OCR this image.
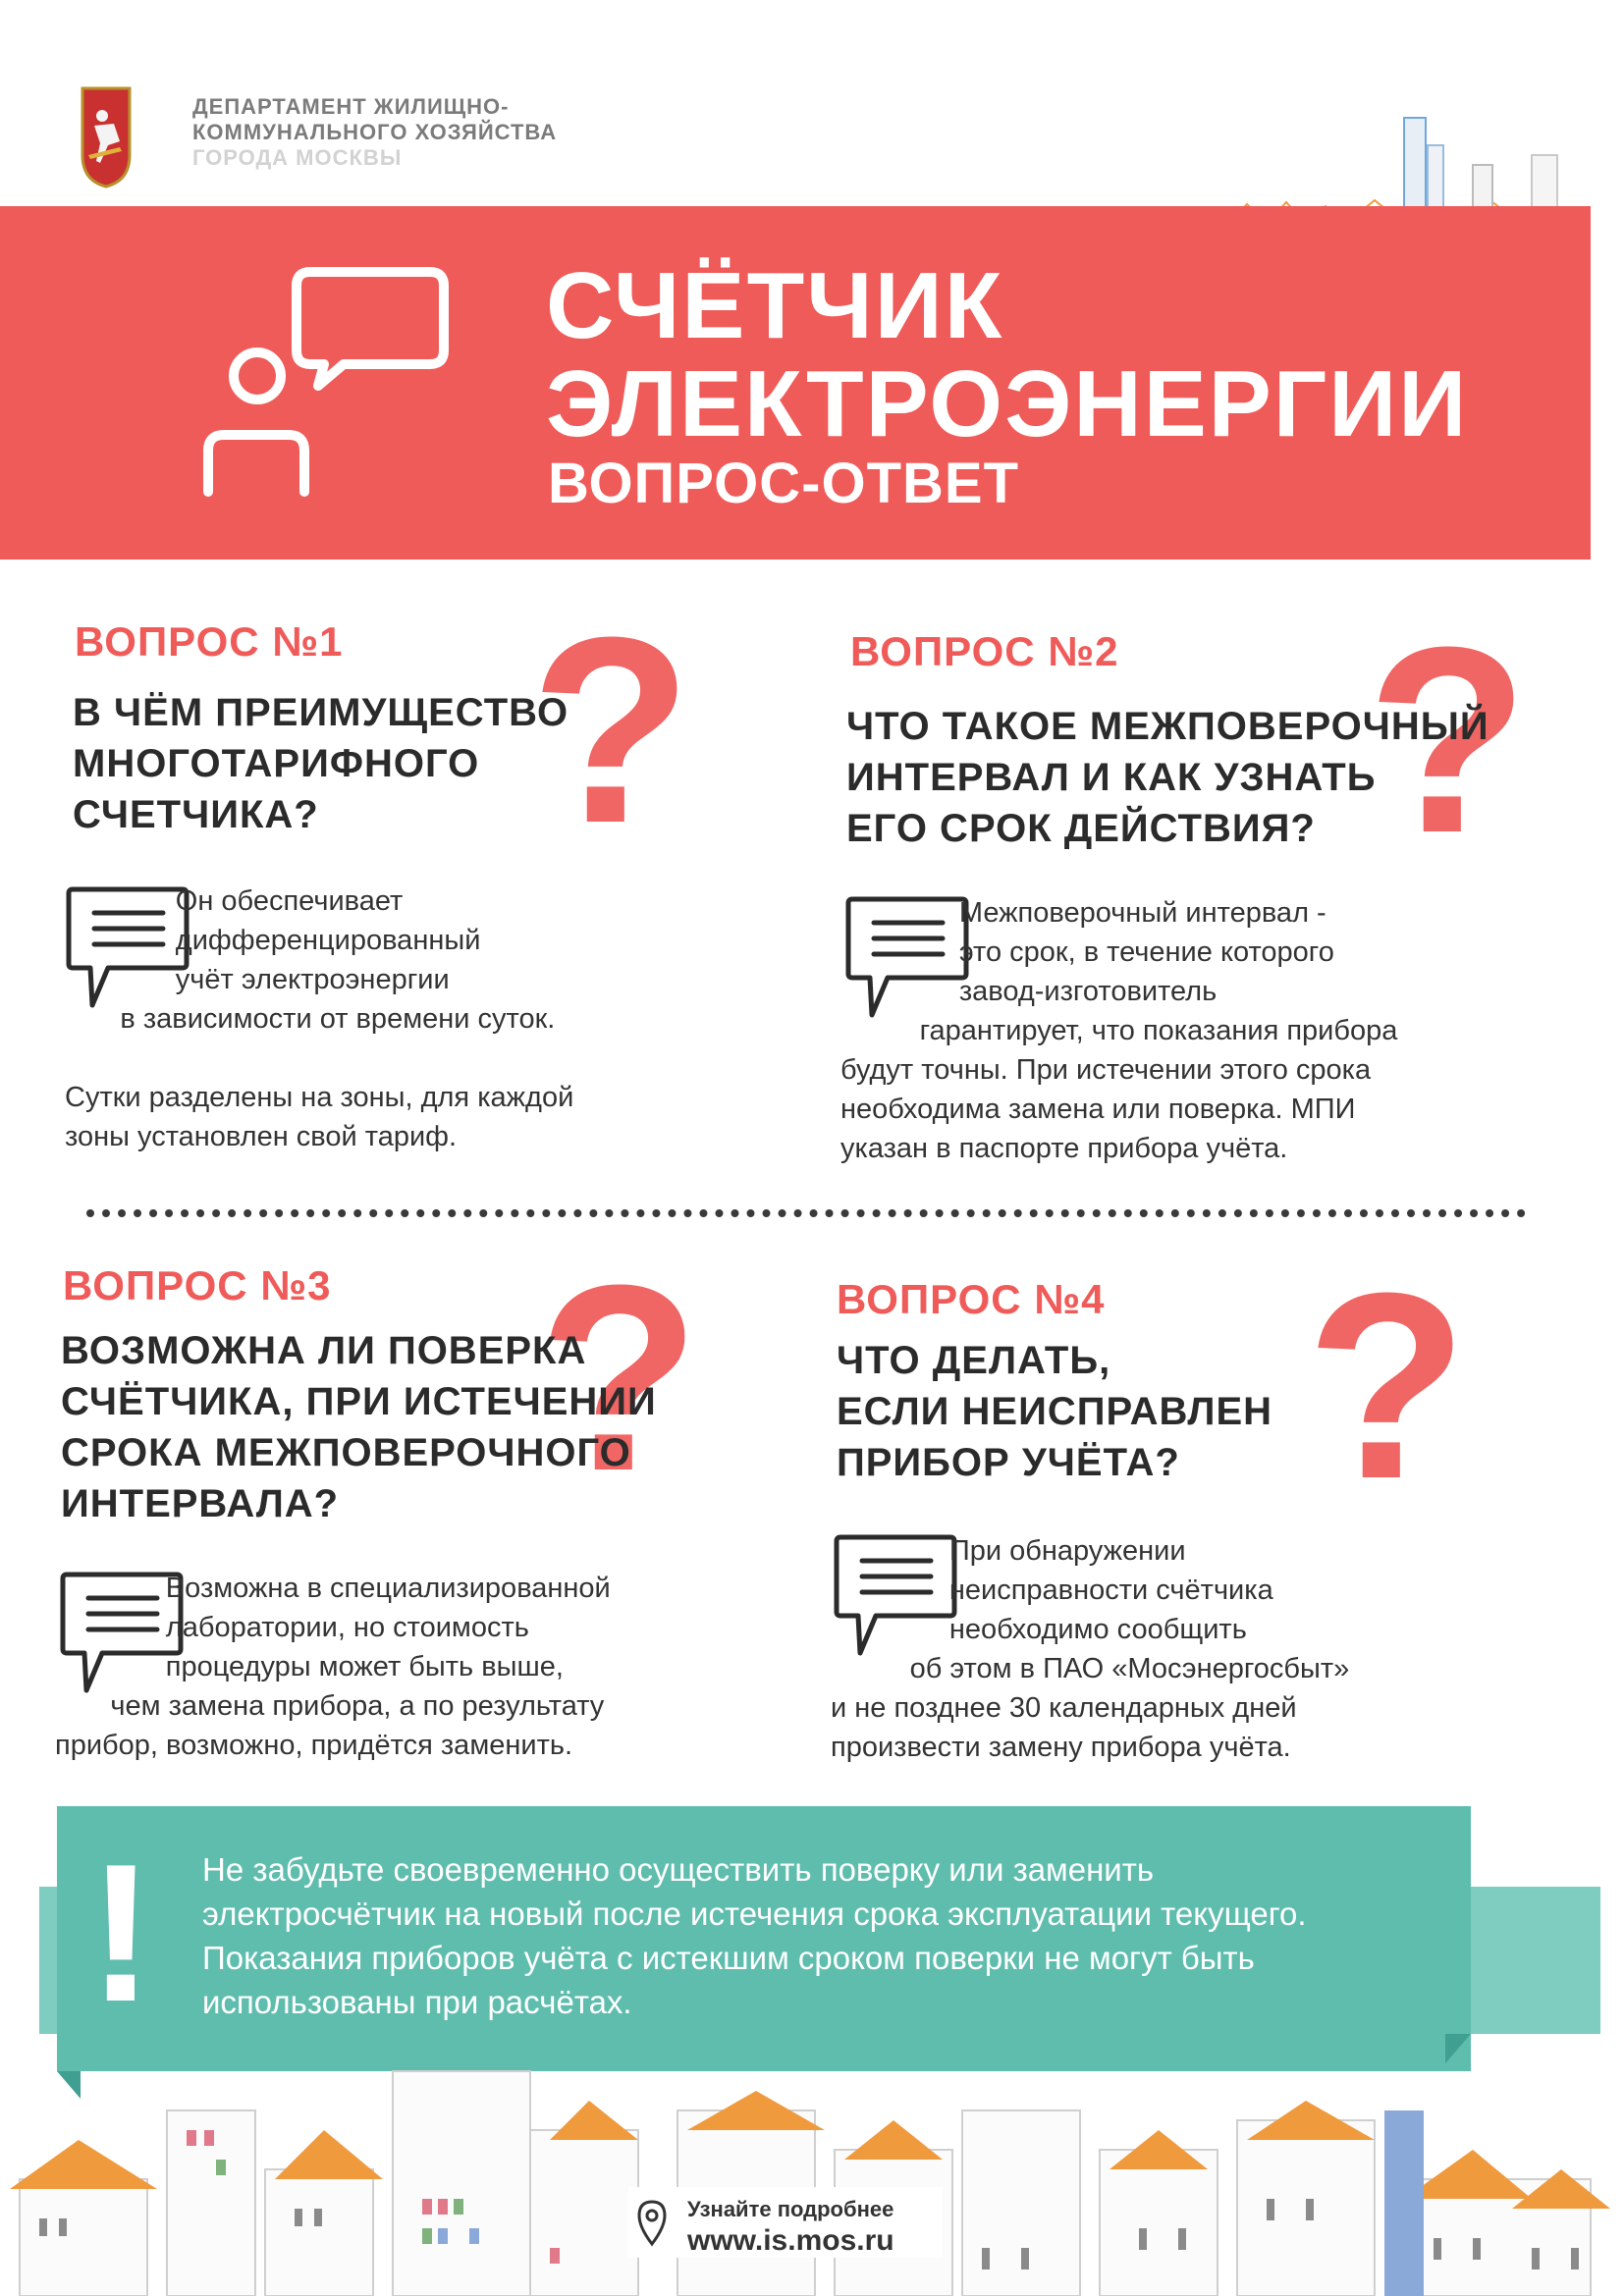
ДЕПАРТАМЕНТ ЖИЛИЩНО-
КОММУНАЛЬНОГО ХОЗЯЙСТВА
ГОРОДА МОСКВЫ
СЧЁТЧИК
ЭЛЕКТРОЭНЕРГИИ
ВОПРОС-ОТВЕТ
?
ВОПРОС №1
В ЧЁМ ПРЕИМУЩЕСТВО
МНОГОТАРИФНОГО
СЧЕТЧИКА?
Он обеспечивает
дифференцированный
учёт электроэнергии
в зависимости от времени суток.

Сутки разделены на зоны, для каждой
зоны установлен свой тариф.
?
ВОПРОС №2
ЧТО ТАКОЕ МЕЖПОВЕРОЧНЫЙ
ИНТЕРВАЛ И КАК УЗНАТЬ
ЕГО СРОК ДЕЙСТВИЯ?
Межповерочный интервал -
это срок, в течение которого
завод-изготовитель
гарантирует, что показания прибора
будут точны. При истечении этого срока
необходима замена или поверка. МПИ
указан в паспорте прибора учёта.
?
ВОПРОС №3
ВОЗМОЖНА ЛИ ПОВЕРКА
СЧЁТЧИКА, ПРИ ИСТЕЧЕНИИ
СРОКА МЕЖПОВЕРОЧНОГО
ИНТЕРВАЛА?
Возможна в специализированной
лаборатории, но стоимость
процедуры может быть выше,
чем замена прибора, а по результату
прибор, возможно, придётся заменить.
?
ВОПРОС №4
ЧТО ДЕЛАТЬ,
ЕСЛИ НЕИСПРАВЛЕН
ПРИБОР УЧЁТА?
При обнаружении
неисправности счётчика
необходимо сообщить
об этом в ПАО «Мосэнергосбыт»
и не позднее 30 календарных дней
произвести замену прибора учёта.
! Не забудьте своевременно осуществить поверку или заменить
электросчётчик на новый после истечения срока эксплуатации текущего.
Показания приборов учёта с истекшим сроком поверки не могут быть
использованы при расчётах.
Узнайте подробнее
www.is.mos.ru
